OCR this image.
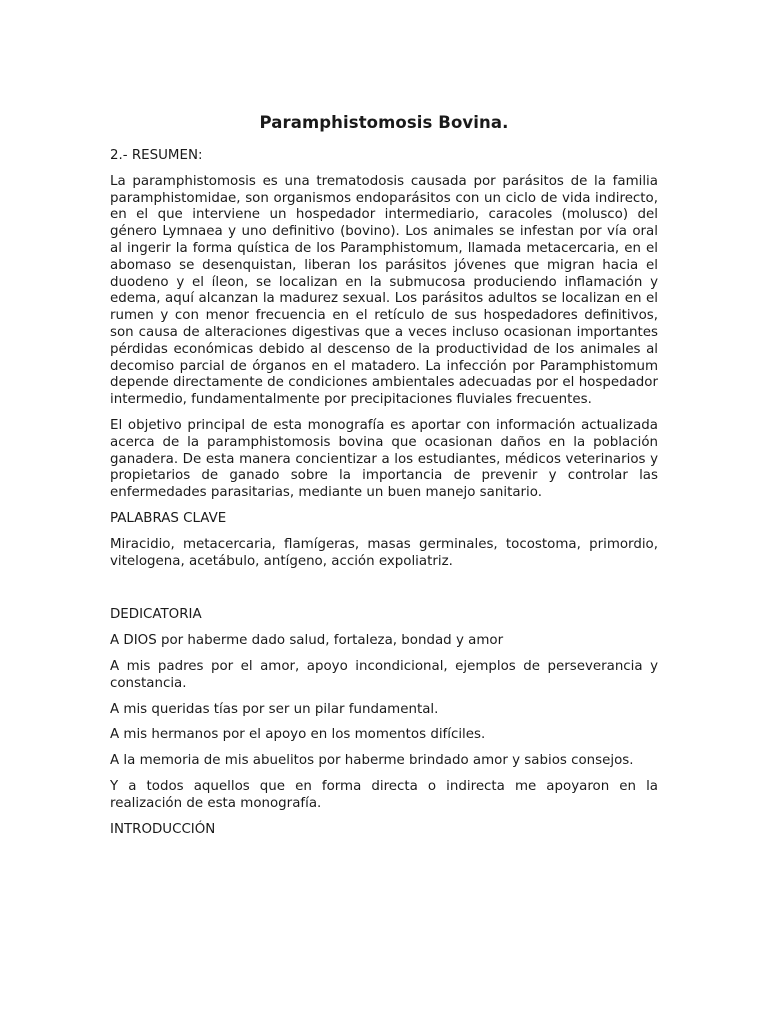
Paramphistomosis Bovina.

2.- RESUMEN:

La paramphistomosis es una trematodosis causada por parásitos de la familia paramphistomidae, son organismos endoparásitos con un ciclo de vida indirecto, en el que interviene un hospedador intermediario, caracoles (molusco) del género Lymnaea y uno definitivo (bovino). Los animales se infestan por vía oral al ingerir la forma quística de los Paramphistomum, llamada metacercaria, en el abomaso se desenquistan, liberan los parásitos jóvenes que migran hacia el duodeno y el íleon, se localizan en la submucosa produciendo inflamación y edema, aquí alcanzan la madurez sexual. Los parásitos adultos se localizan en el rumen y con menor frecuencia en el retículo de sus hospedadores definitivos, son causa de alteraciones digestivas que a veces incluso ocasionan importantes pérdidas económicas debido al descenso de la productividad de los animales al decomiso parcial de órganos en el matadero. La infección por Paramphistomum depende directamente de condiciones ambientales adecuadas por el hospedador intermedio, fundamentalmente por precipitaciones fluviales frecuentes.

El objetivo principal de esta monografía es aportar con información actualizada acerca de la paramphistomosis bovina que ocasionan daños en la población ganadera. De esta manera concientizar a los estudiantes, médicos veterinarios y propietarios de ganado sobre la importancia de prevenir y controlar las enfermedades parasitarias, mediante un buen manejo sanitario.

PALABRAS CLAVE

Miracidio, metacercaria, flamígeras, masas germinales, tocostoma, primordio, vitelogena, acetábulo, antígeno, acción expoliatriz.

DEDICATORIA

A DIOS por haberme dado salud, fortaleza, bondad y amor

A mis padres por el amor, apoyo incondicional, ejemplos de perseverancia y constancia.

A mis queridas tías por ser un pilar fundamental.

A mis hermanos por el apoyo en los momentos difíciles.

A la memoria de mis abuelitos por haberme brindado amor y sabios consejos.

Y a todos aquellos que en forma directa o indirecta me apoyaron en la realización de esta monografía.

INTRODUCCIÓN
